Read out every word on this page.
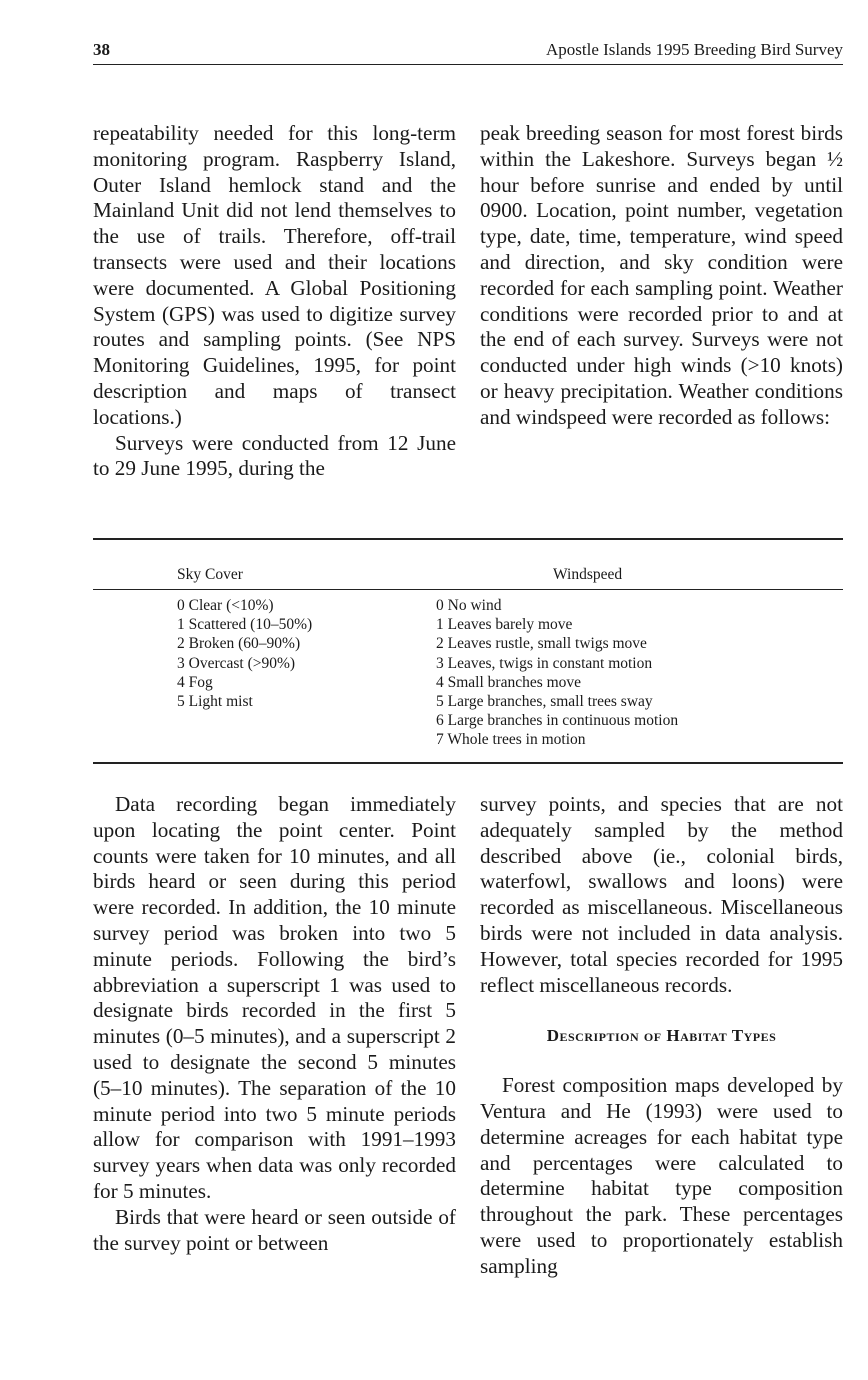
38	Apostle Islands 1995 Breeding Bird Survey

repeatability needed for this long-term monitoring program. Raspberry Island, Outer Island hemlock stand and the Mainland Unit did not lend themselves to the use of trails. Therefore, off-trail transects were used and their locations were documented. A Global Positioning System (GPS) was used to digitize survey routes and sampling points. (See NPS Monitoring Guidelines, 1995, for point description and maps of transect locations.)

Surveys were conducted from 12 June to 29 June 1995, during the

peak breeding season for most forest birds within the Lakeshore. Surveys began ½ hour before sunrise and ended by until 0900. Location, point number, vegetation type, date, time, temperature, wind speed and direction, and sky condition were recorded for each sampling point. Weather conditions were recorded prior to and at the end of each survey. Surveys were not conducted under high winds (>10 knots) or heavy precipitation. Weather conditions and windspeed were recorded as follows:

Sky Cover	Windspeed
0 Clear (<10%)
1 Scattered (10–50%)
2 Broken (60–90%)
3 Overcast (>90%)
4 Fog
5 Light mist
0 No wind
1 Leaves barely move
2 Leaves rustle, small twigs move
3 Leaves, twigs in constant motion
4 Small branches move
5 Large branches, small trees sway
6 Large branches in continuous motion
7 Whole trees in motion

Data recording began immediately upon locating the point center. Point counts were taken for 10 minutes, and all birds heard or seen during this period were recorded. In addition, the 10 minute survey period was broken into two 5 minute periods. Following the bird’s abbreviation a superscript 1 was used to designate birds recorded in the first 5 minutes (0–5 minutes), and a superscript 2 used to designate the second 5 minutes (5–10 minutes). The separation of the 10 minute period into two 5 minute periods allow for comparison with 1991–1993 survey years when data was only recorded for 5 minutes.

Birds that were heard or seen outside of the survey point or between

survey points, and species that are not adequately sampled by the method described above (ie., colonial birds, waterfowl, swallows and loons) were recorded as miscellaneous. Miscellaneous birds were not included in data analysis. However, total species recorded for 1995 reflect miscellaneous records.

Description of Habitat Types

Forest composition maps developed by Ventura and He (1993) were used to determine acreages for each habitat type and percentages were calculated to determine habitat type composition throughout the park. These percentages were used to proportionately establish sampling
